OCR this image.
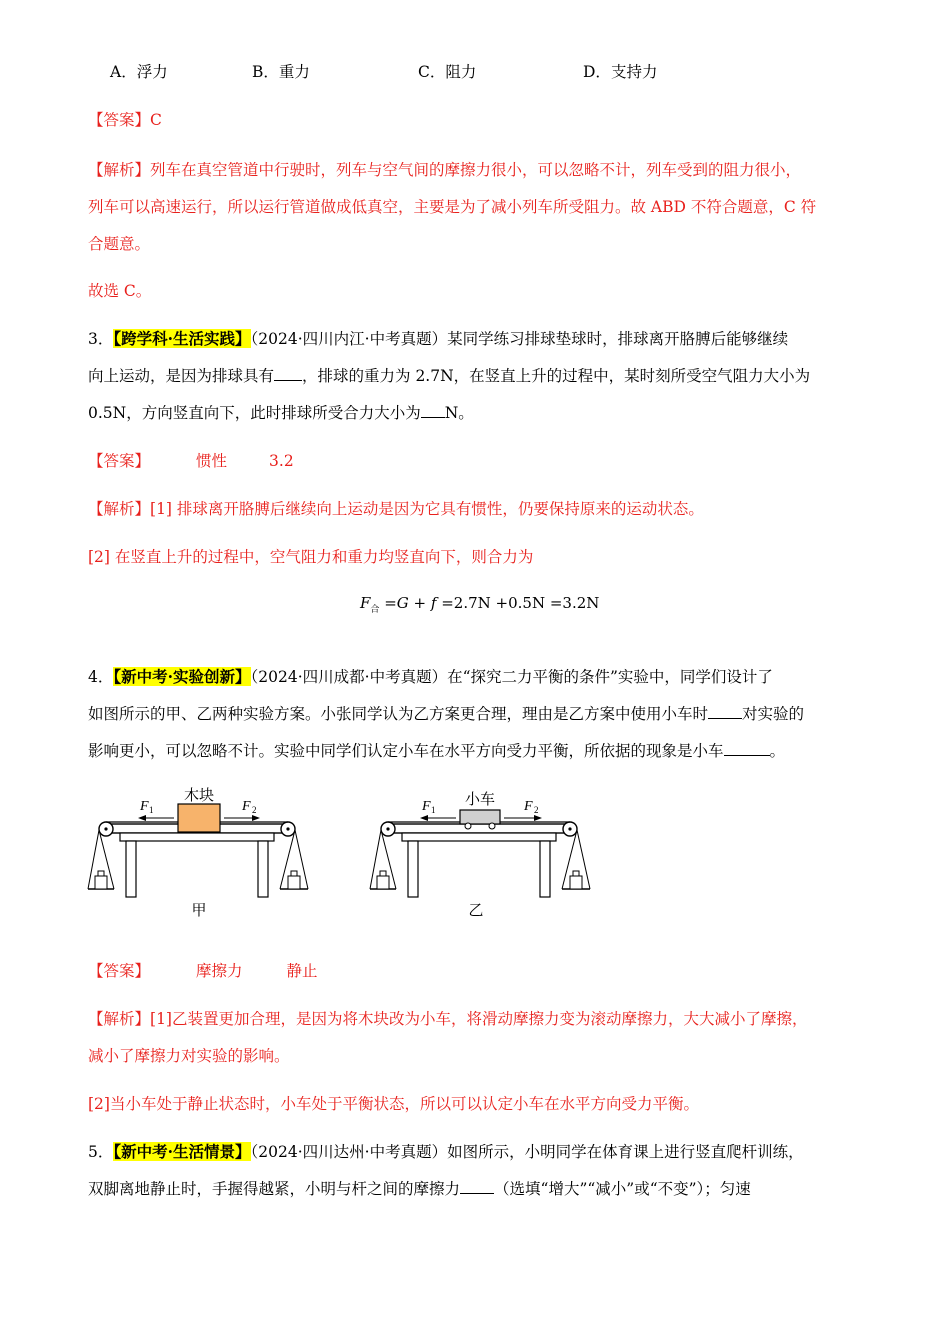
A．浮力	B．重力	C．阻力	D．支持力
【答案】C
【解析】列车在真空管道中行驶时，列车与空气间的摩擦力很小，可以忽略不计，列车受到的阻力很小，
列车可以高速运行，所以运行管道做成低真空，主要是为了减小列车所受阻力。故 ABD 不符合题意，C 符
合题意。
故选 C。
3．【跨学科·生活实践】（2024·四川内江·中考真题）某同学练习排球垫球时，排球离开胳膊后能够继续
向上运动，是因为排球具有 ，排球的重力为 2.7N，在竖直上升的过程中，某时刻所受空气阻力大小为
0.5N，方向竖直向下，此时排球所受合力大小为 N。
【答案】	惯性	3.2
【解析】[1] 排球离开胳膊后继续向上运动是因为它具有惯性，仍要保持原来的运动状态。
[2] 在竖直上升的过程中，空气阻力和重力均竖直向下，则合力为
$F_合 =G + f =2.7N +0.5N =3.2N$
4．【新中考·实验创新】（2024·四川成都·中考真题）在“探究二力平衡的条件”实验中，同学们设计了
如图所示的甲、乙两种实验方案。小张同学认为乙方案更合理，理由是乙方案中使用小车时 对实验的
影响更小，可以忽略不计。实验中同学们认定小车在水平方向受力平衡，所依据的现象是小车	。
木块
F 1	F 2
甲
小车
F 1	F 2
乙
【答案】	摩擦力	静止
【解析】[1]乙装置更加合理，是因为将木块改为小车，将滑动摩擦力变为滚动摩擦力，大大减小了摩擦，
减小了摩擦力对实验的影响。
[2]当小车处于静止状态时，小车处于平衡状态，所以可以认定小车在水平方向受力平衡。
5．【新中考·生活情景】（2024·四川达州·中考真题）如图所示，小明同学在体育课上进行竖直爬杆训练，
双脚离地静止时，手握得越紧，小明与杆之间的摩擦力 （选填“增大”“减小”或“不变”）；匀速
